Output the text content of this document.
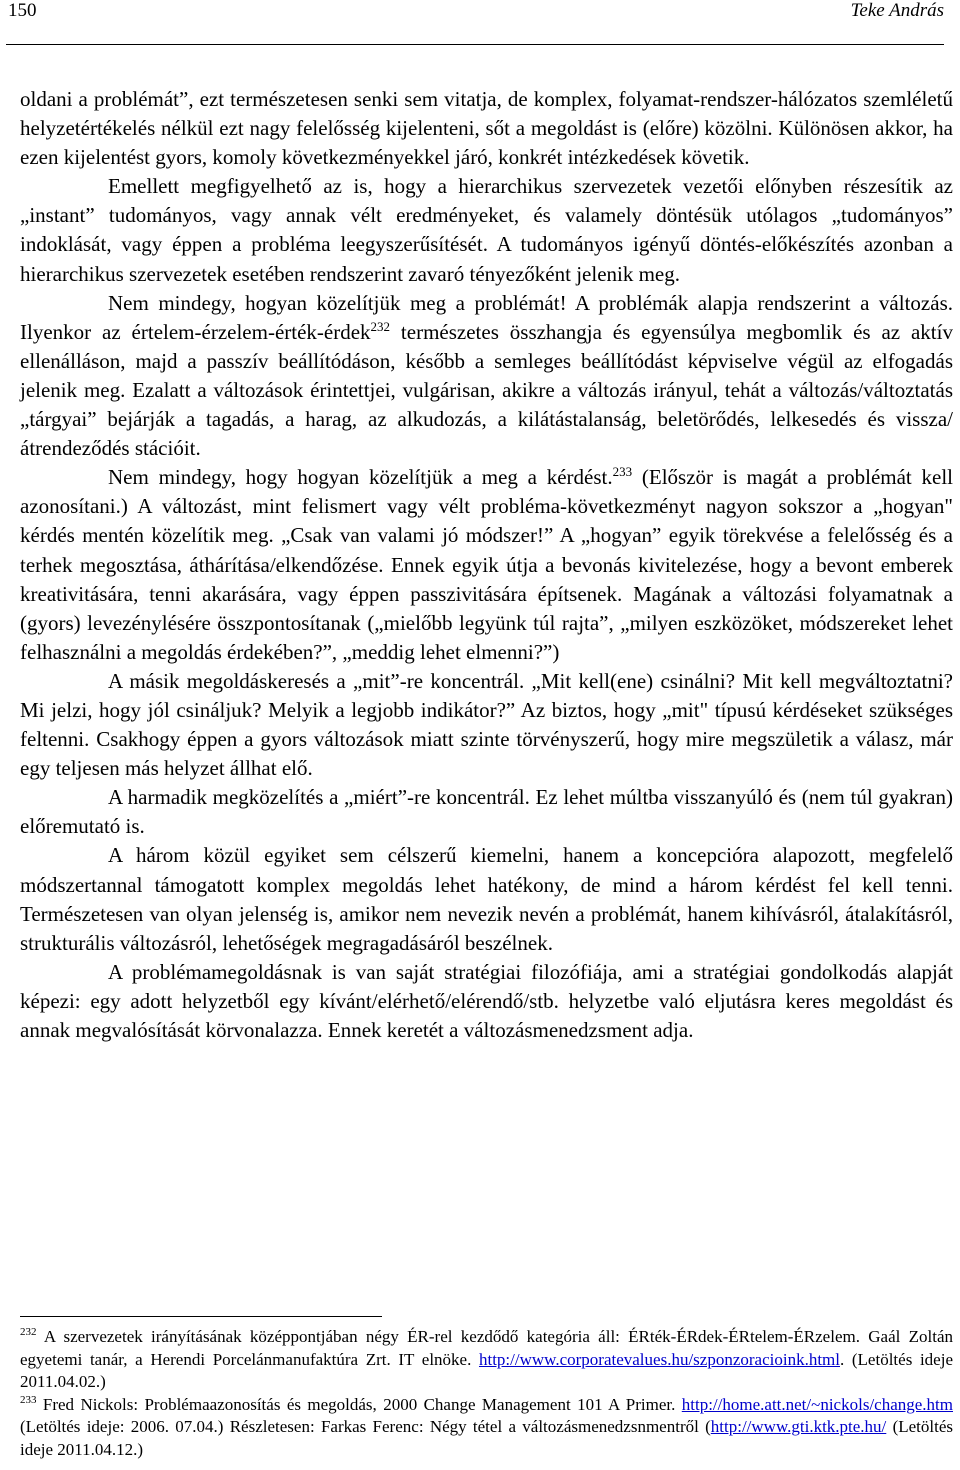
150	Teke András

oldani a problémát”, ezt természetesen senki sem vitatja, de komplex, folyamat-rendszer-hálózatos szemléletű helyzetértékelés nélkül ezt nagy felelősség kijelenteni, sőt a megoldást is (előre) közölni. Különösen akkor, ha ezen kijelentést gyors, komoly következményekkel járó, konkrét intézkedések követik.

Emellett megfigyelhető az is, hogy a hierarchikus szervezetek vezetői előnyben részesítik az „instant” tudományos, vagy annak vélt eredményeket, és valamely döntésük utólagos „tudományos” indoklását, vagy éppen a probléma leegyszerűsítését. A tudományos igényű döntés-előkészítés azonban a hierarchikus szervezetek esetében rendszerint zavaró tényezőként jelenik meg.

Nem mindegy, hogyan közelítjük meg a problémát! A problémák alapja rendszerint a változás. Ilyenkor az értelem-érzelem-érték-érdek$^{232}$ természetes összhangja és egyensúlya megbomlik és az aktív ellenálláson, majd a passzív beállítódáson, később a semleges beállítódást képviselve végül az elfogadás jelenik meg. Ezalatt a változások érintettjei, vulgárisan, akikre a változás irányul, tehát a változás/változtatás „tárgyai” bejárják a tagadás, a harag, az alkudozás, a kilátástalanság, beletörődés, lelkesedés és vissza/átrendeződés stációit.

Nem mindegy, hogy hogyan közelítjük a meg a kérdést.$^{233}$ (Először is magát a problémát kell azonosítani.) A változást, mint felismert vagy vélt probléma-következményt nagyon sokszor a „hogyan" kérdés mentén közelítik meg. „Csak van valami jó módszer!” A „hogyan” egyik törekvése a felelősség és a terhek megosztása, áthárítása/elkendőzése. Ennek egyik útja a bevonás kivitelezése, hogy a bevont emberek kreativitására, tenni akarására, vagy éppen passzivitására építsenek. Magának a változási folyamatnak a (gyors) levezénylésére összpontosítanak („mielőbb legyünk túl rajta”, „milyen eszközöket, módszereket lehet felhasználni a megoldás érdekében?”, „meddig lehet elmenni?”)

A másik megoldáskeresés a „mit”-re koncentrál. „Mit kell(ene) csinálni? Mit kell megváltoztatni? Mi jelzi, hogy jól csináljuk? Melyik a legjobb indikátor?” Az biztos, hogy „mit" típusú kérdéseket szükséges feltenni. Csakhogy éppen a gyors változások miatt szinte törvényszerű, hogy mire megszületik a válasz, már egy teljesen más helyzet állhat elő.

A harmadik megközelítés a „miért”-re koncentrál. Ez lehet múltba visszanyúló és (nem túl gyakran) előremutató is.

A három közül egyiket sem célszerű kiemelni, hanem a koncepcióra alapozott, megfelelő módszertannal támogatott komplex megoldás lehet hatékony, de mind a három kérdést fel kell tenni. Természetesen van olyan jelenség is, amikor nem nevezik nevén a problémát, hanem kihívásról, átalakításról, strukturális változásról, lehetőségek megragadásáról beszélnek.

A problémamegoldásnak is van saját stratégiai filozófiája, ami a stratégiai gondolkodás alapját képezi: egy adott helyzetből egy kívánt/elérhető/elérendő/stb. helyzetbe való eljutásra keres megoldást és annak megvalósítását körvonalazza. Ennek keretét a változásmenedzsment adja.

$^{232}$ A szervezetek irányításának középpontjában négy ÉR-rel kezdődő kategória áll: ÉRték-ÉRdek-ÉRtelem-ÉRzelem. Gaál Zoltán egyetemi tanár, a Herendi Porcelánmanufaktúra Zrt. IT elnöke. http://www.corporatevalues.hu/szponzoracioink.html. (Letöltés ideje 2011.04.02.)

$^{233}$ Fred Nickols: Problémaazonosítás és megoldás, 2000 Change Management 101 A Primer. http://home.att.net/~nickols/change.htm (Letöltés ideje: 2006. 07.04.) Részletesen: Farkas Ferenc: Négy tétel a változásmenedzsnmentről (http://www.gti.ktk.pte.hu/ (Letöltés ideje 2011.04.12.)
